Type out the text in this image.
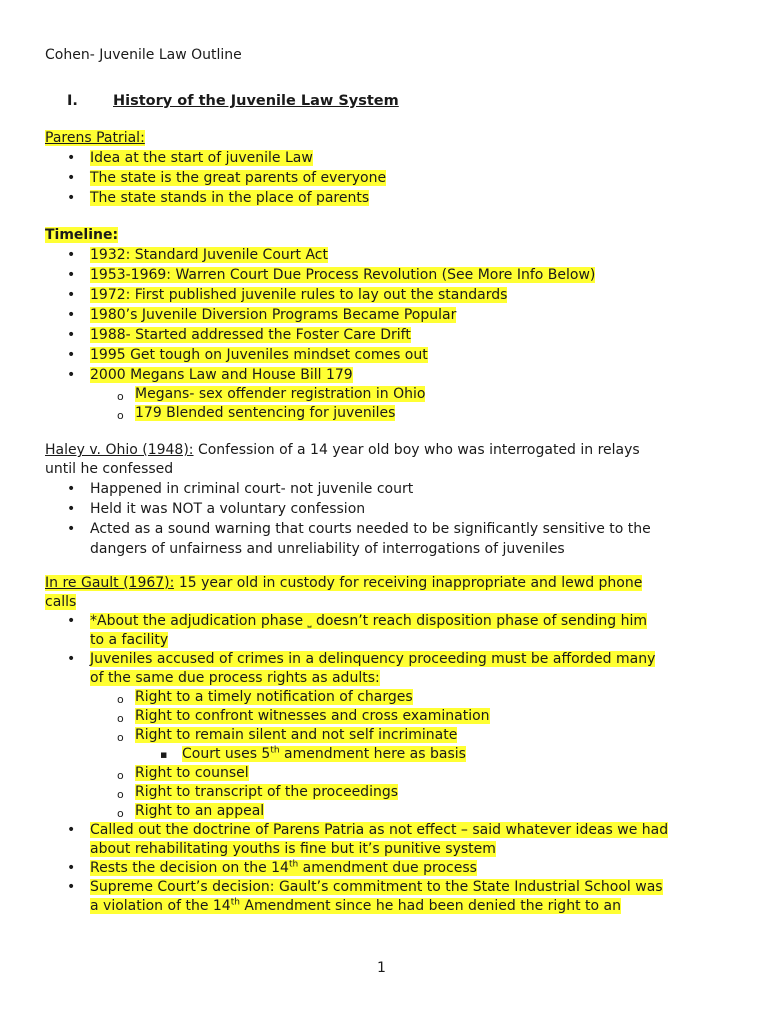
Cohen- Juvenile Law Outline
I. History of the Juvenile Law System
Parens Patrial:
• Idea at the start of juvenile Law
• The state is the great parents of everyone
• The state stands in the place of parents
Timeline:
• 1932: Standard Juvenile Court Act
• 1953-1969: Warren Court Due Process Revolution (See More Info Below)
• 1972: First published juvenile rules to lay out the standards
• 1980’s Juvenile Diversion Programs Became Popular
• 1988- Started addressed the Foster Care Drift
• 1995 Get tough on Juveniles mindset comes out
• 2000 Megans Law and House Bill 179
o Megans- sex offender registration in Ohio
o 179 Blended sentencing for juveniles
Haley v. Ohio (1948): Confession of a 14 year old boy who was interrogated in relays
until he confessed
• Happened in criminal court- not juvenile court
• Held it was NOT a voluntary confession
• Acted as a sound warning that courts needed to be significantly sensitive to the
dangers of unfairness and unreliability of interrogations of juveniles
In re Gault (1967): 15 year old in custody for receiving inappropriate and lewd phone
calls
• *About the adjudication phase ⎵ doesn’t reach disposition phase of sending him
to a facility
• Juveniles accused of crimes in a delinquency proceeding must be afforded many
of the same due process rights as adults:
o Right to a timely notification of charges
o Right to confront witnesses and cross examination
o Right to remain silent and not self incriminate
▪ Court uses 5th amendment here as basis
o Right to counsel
o Right to transcript of the proceedings
o Right to an appeal
• Called out the doctrine of Parens Patria as not effect – said whatever ideas we had
about rehabilitating youths is fine but it’s punitive system
• Rests the decision on the 14th amendment due process
• Supreme Court’s decision: Gault’s commitment to the State Industrial School was
a violation of the 14th Amendment since he had been denied the right to an
1
